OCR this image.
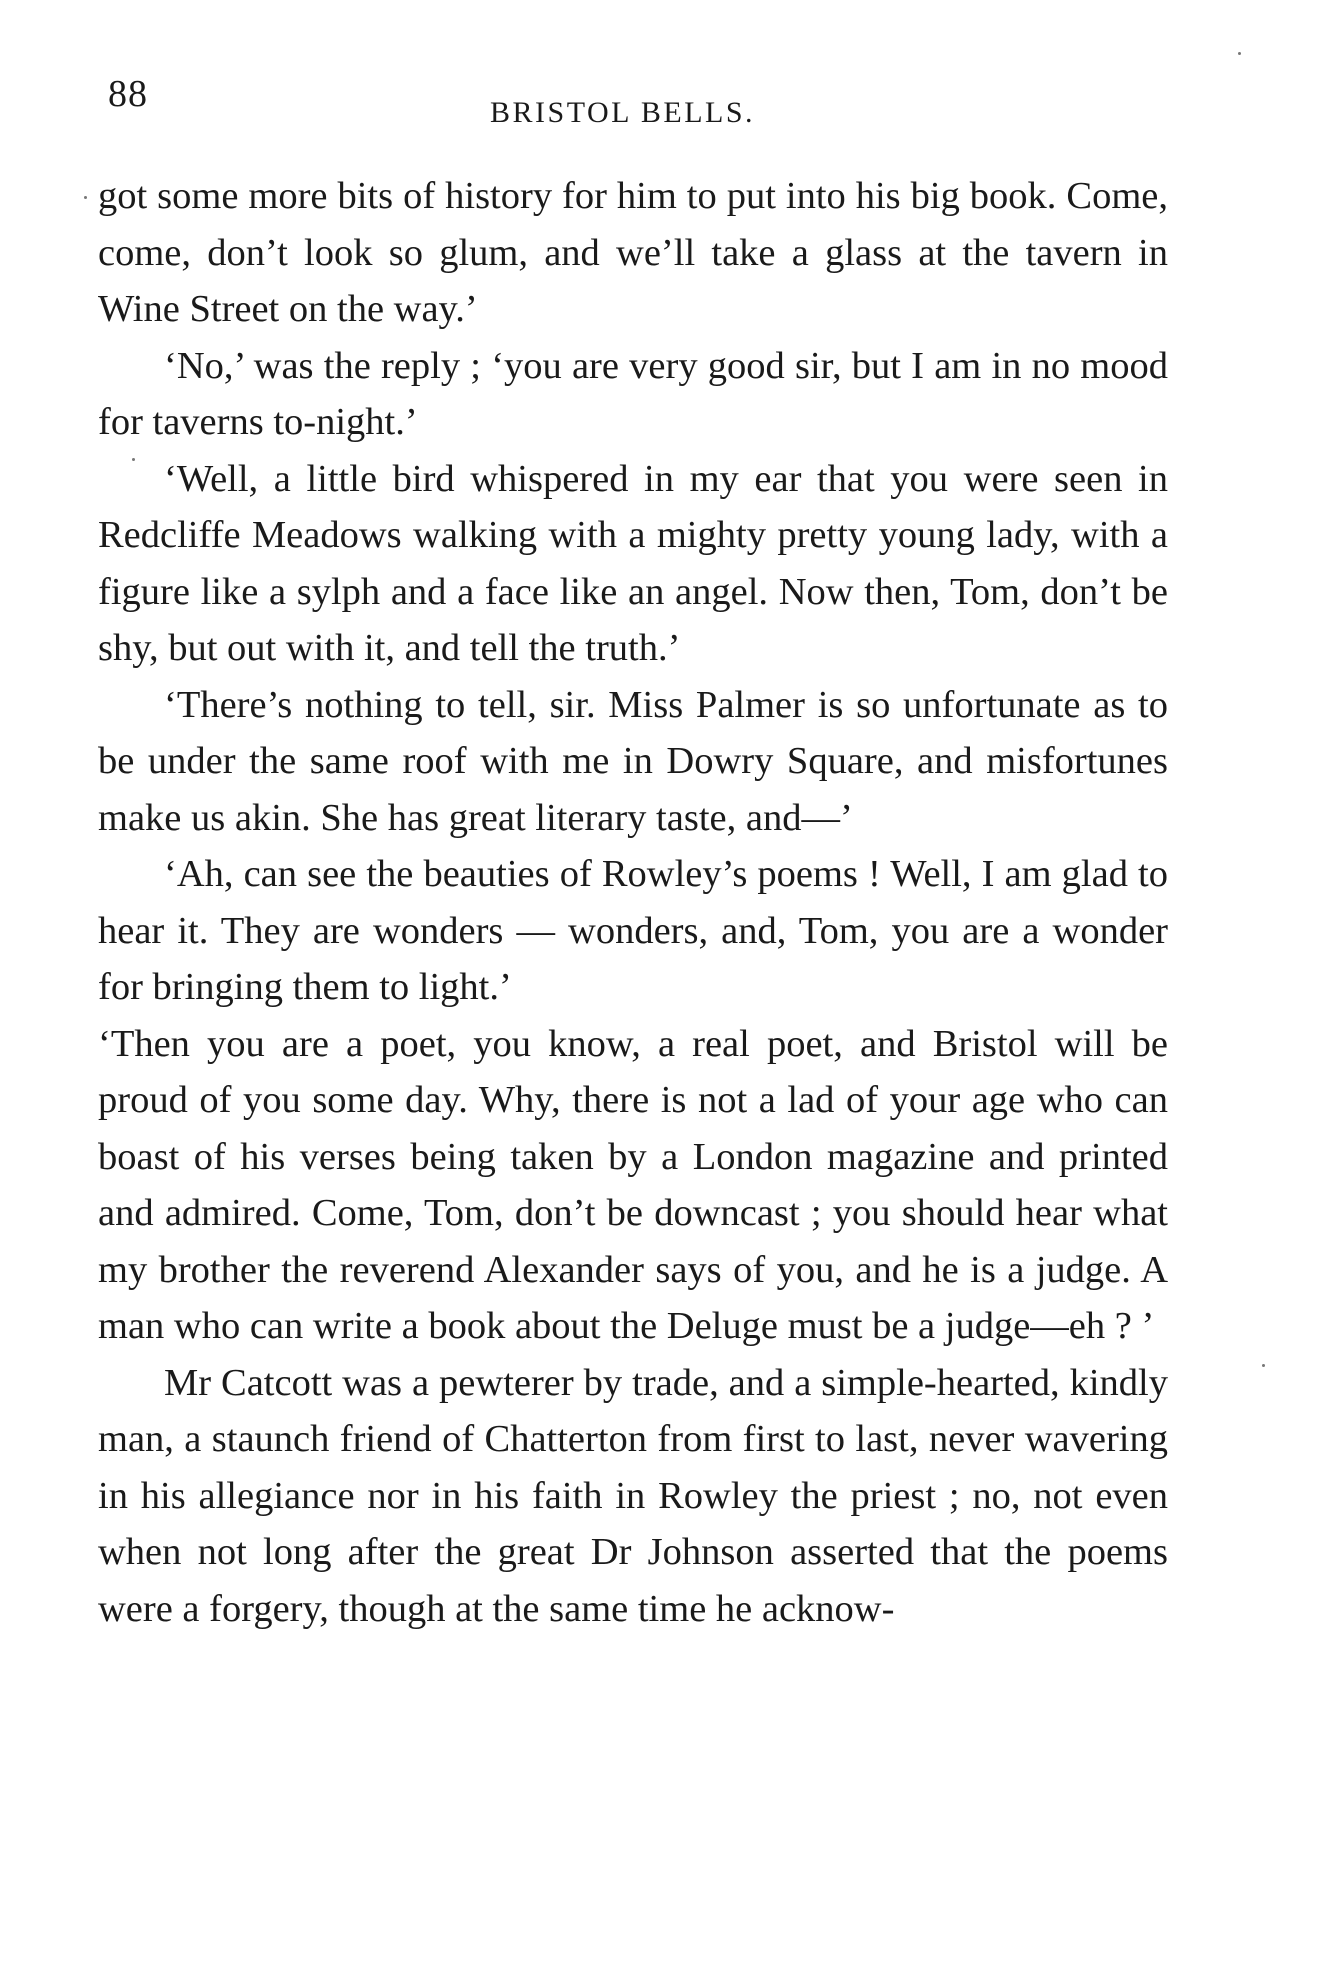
88	BRISTOL BELLS.

got some more bits of history for him to put into his big book. Come, come, don’t look so glum, and we’ll take a glass at the tavern in Wine Street on the way.’

‘No,’ was the reply ; ‘you are very good sir, but I am in no mood for taverns to-night.’

‘Well, a little bird whispered in my ear that you were seen in Redcliffe Meadows walking with a mighty pretty young lady, with a figure like a sylph and a face like an angel. Now then, Tom, don’t be shy, but out with it, and tell the truth.’

‘There’s nothing to tell, sir. Miss Palmer is so unfortunate as to be under the same roof with me in Dowry Square, and misfortunes make us akin. She has great literary taste, and—’

‘Ah, can see the beauties of Rowley’s poems ! Well, I am glad to hear it. They are wonders — wonders, and, Tom, you are a wonder for bringing them to light.’

‘Then you are a poet, you know, a real poet, and Bristol will be proud of you some day. Why, there is not a lad of your age who can boast of his verses being taken by a London magazine and printed and admired. Come, Tom, don’t be downcast ; you should hear what my brother the reverend Alexander says of you, and he is a judge. A man who can write a book about the Deluge must be a judge—eh ? ’

Mr Catcott was a pewterer by trade, and a simple-hearted, kindly man, a staunch friend of Chatterton from first to last, never wavering in his allegiance nor in his faith in Rowley the priest ; no, not even when not long after the great Dr Johnson asserted that the poems were a forgery, though at the same time he acknow-
